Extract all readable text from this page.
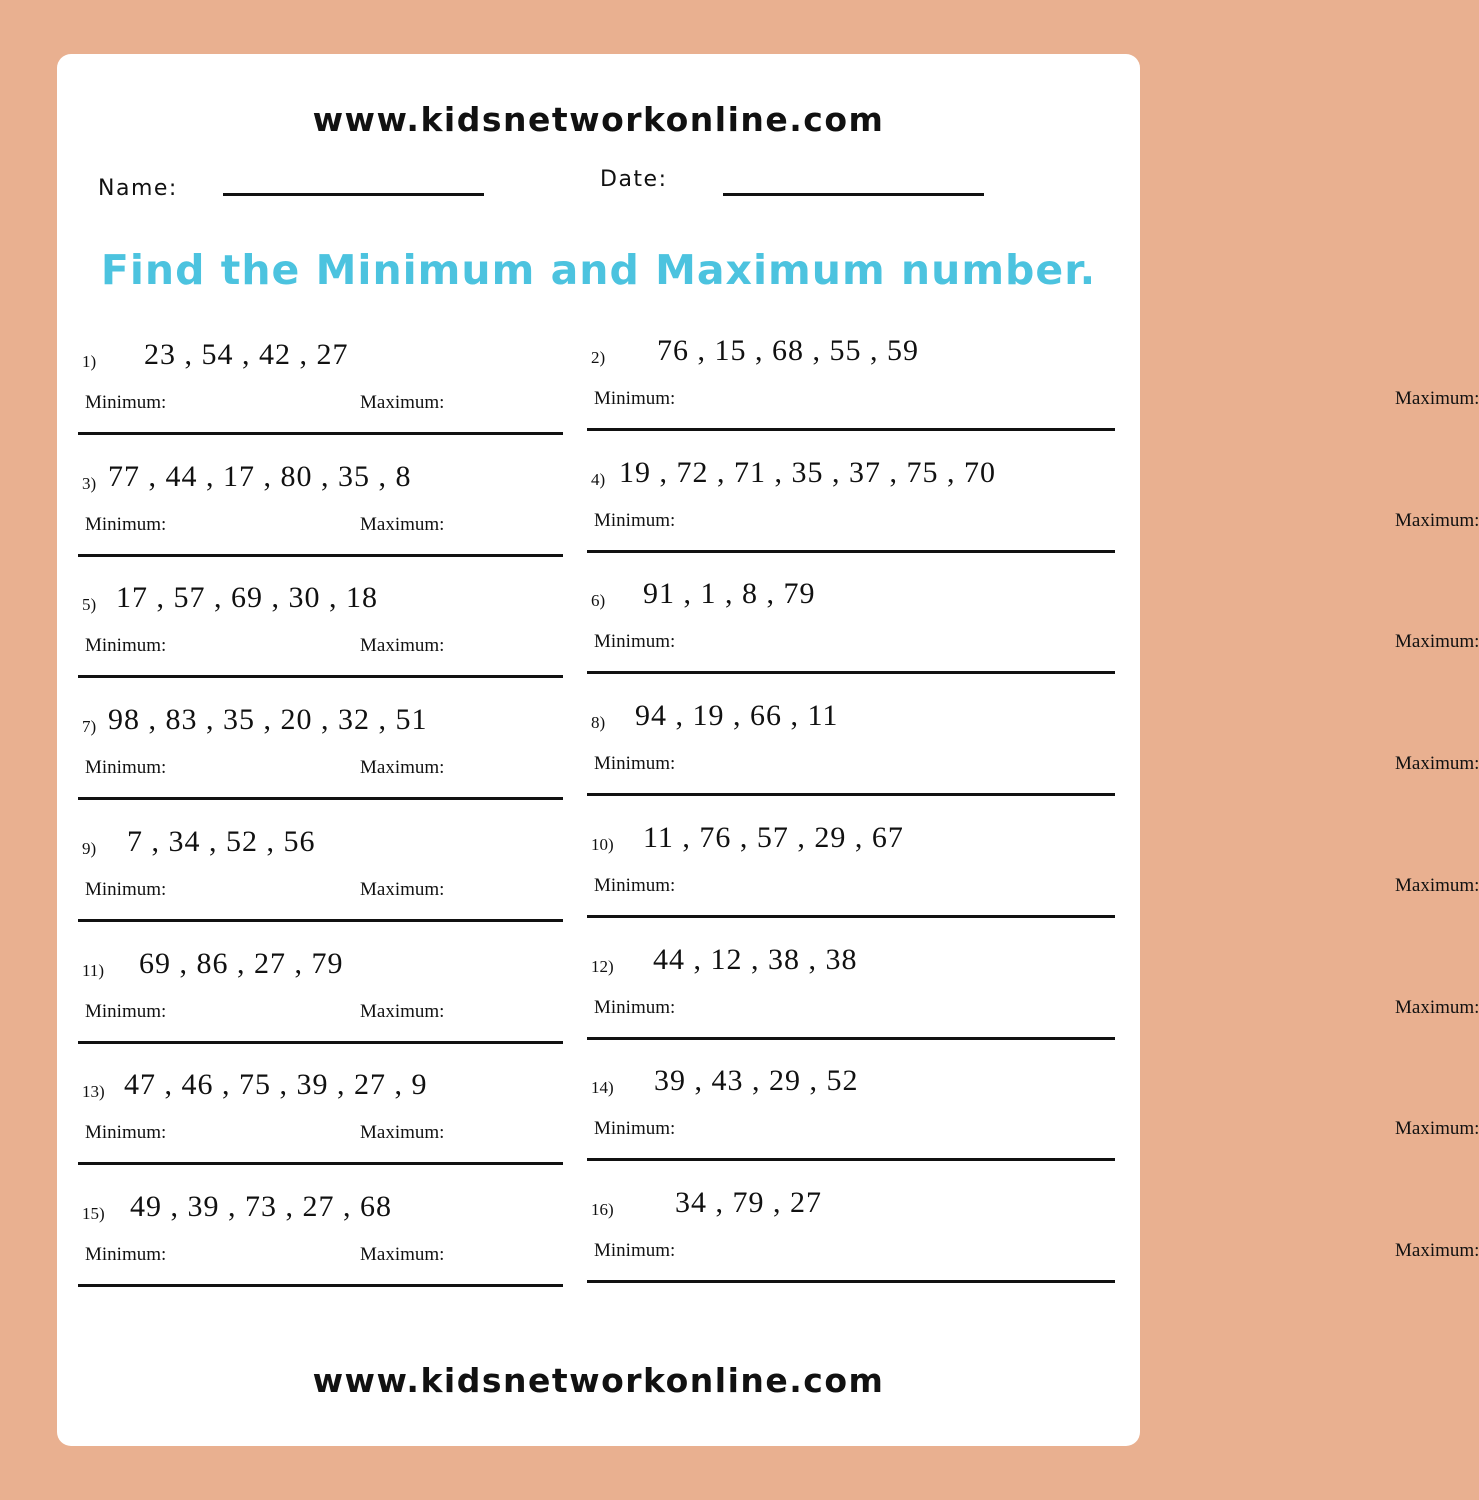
www.kidsnetworkonline.com
Name:	Date:
Find the Minimum and Maximum number.
1) 23 , 54 , 42 , 27
Minimum:	Maximum:
2) 76 , 15 , 68 , 55 , 59
Minimum:	Maximum:
3) 77 , 44 , 17 , 80 , 35 , 8
Minimum:	Maximum:
4) 19 , 72 , 71 , 35 , 37 , 75 , 70
Minimum:	Maximum:
5) 17 , 57 , 69 , 30 , 18
Minimum:	Maximum:
6) 91 , 1 , 8 , 79
Minimum:	Maximum:
7) 98 , 83 , 35 , 20 , 32 , 51
Minimum:	Maximum:
8) 94 , 19 , 66 , 11
Minimum:	Maximum:
9) 7 , 34 , 52 , 56
Minimum:	Maximum:
10) 11 , 76 , 57 , 29 , 67
Minimum:	Maximum:
11) 69 , 86 , 27 , 79
Minimum:	Maximum:
12) 44 , 12 , 38 , 38
Minimum:	Maximum:
13) 47 , 46 , 75 , 39 , 27 , 9
Minimum:	Maximum:
14) 39 , 43 , 29 , 52
Minimum:	Maximum:
15) 49 , 39 , 73 , 27 , 68
Minimum:	Maximum:
16) 34 , 79 , 27
Minimum:	Maximum:
www.kidsnetworkonline.com
